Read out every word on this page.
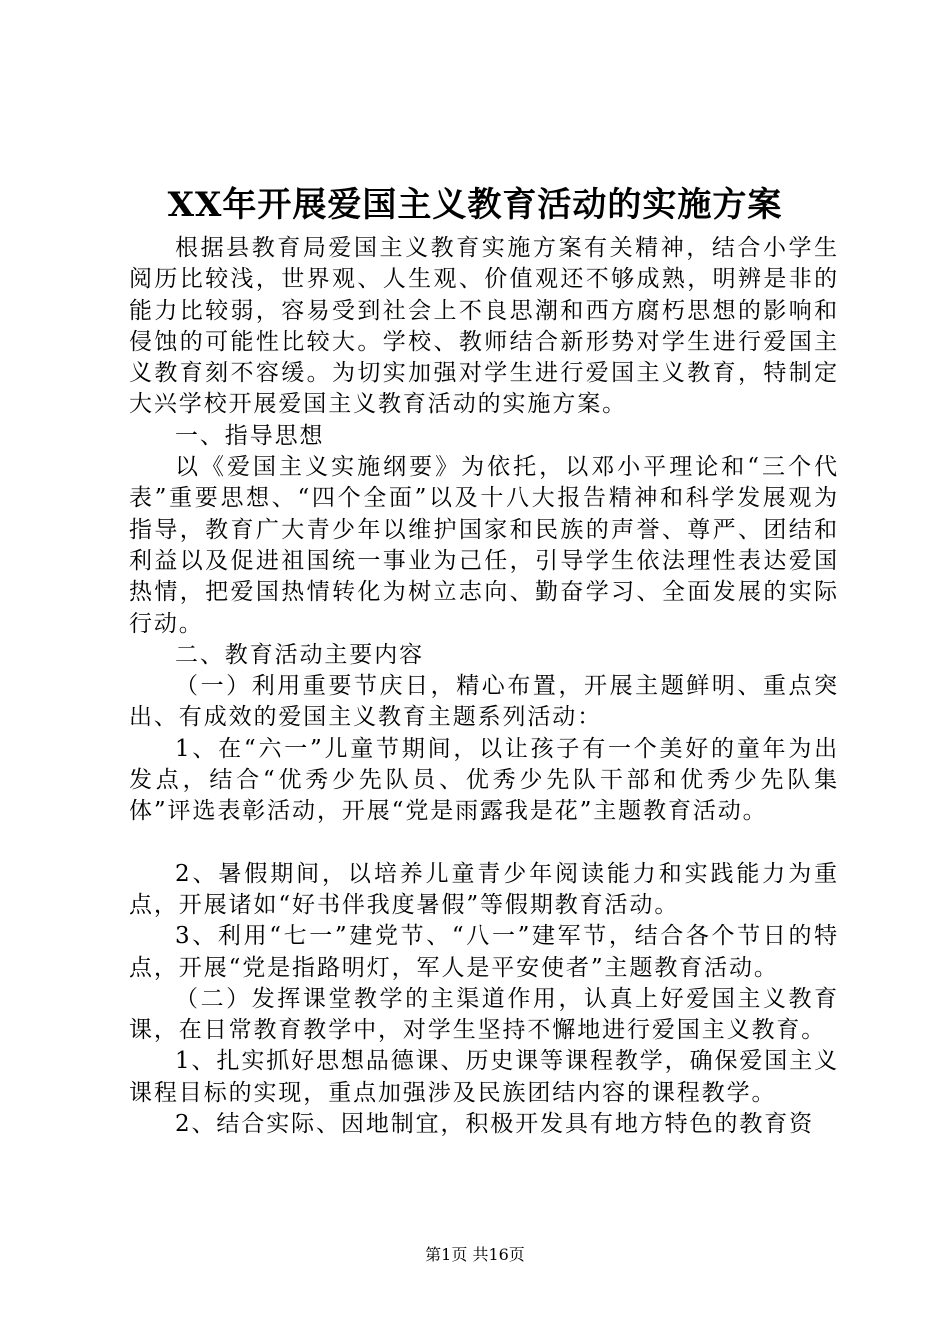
XX年开展爱国主义教育活动的实施方案

根据县教育局爱国主义教育实施方案有关精神，结合小学生阅历比较浅，世界观、人生观、价值观还不够成熟，明辨是非的能力比较弱，容易受到社会上不良思潮和西方腐朽思想的影响和侵蚀的可能性比较大。学校、教师结合新形势对学生进行爱国主义教育刻不容缓。为切实加强对学生进行爱国主义教育，特制定大兴学校开展爱国主义教育活动的实施方案。

一、指导思想

以《爱国主义实施纲要》为依托，以邓小平理论和“三个代表”重要思想、“四个全面”以及十八大报告精神和科学发展观为指导，教育广大青少年以维护国家和民族的声誉、尊严、团结和利益以及促进祖国统一事业为己任，引导学生依法理性表达爱国热情，把爱国热情转化为树立志向、勤奋学习、全面发展的实际行动。

二、教育活动主要内容

（一）利用重要节庆日，精心布置，开展主题鲜明、重点突出、有成效的爱国主义教育主题系列活动：

1、在“六一”儿童节期间，以让孩子有一个美好的童年为出发点，结合“优秀少先队员、优秀少先队干部和优秀少先队集体”评选表彰活动，开展“党是雨露我是花”主题教育活动。

2、暑假期间，以培养儿童青少年阅读能力和实践能力为重点，开展诸如“好书伴我度暑假”等假期教育活动。

3、利用“七一”建党节、“八一”建军节，结合各个节日的特点，开展“党是指路明灯，军人是平安使者”主题教育活动。

（二）发挥课堂教学的主渠道作用，认真上好爱国主义教育课，在日常教育教学中，对学生坚持不懈地进行爱国主义教育。

1、扎实抓好思想品德课、历史课等课程教学，确保爱国主义课程目标的实现，重点加强涉及民族团结内容的课程教学。

2、结合实际、因地制宜，积极开发具有地方特色的教育资

第1页 共16页
